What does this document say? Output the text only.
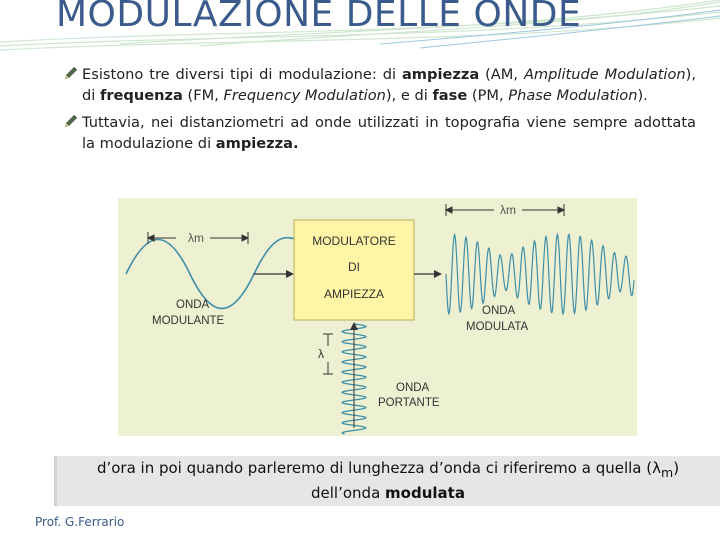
MODULAZIONE DELLE ONDE
Esistono tre diversi tipi di modulazione: di ampiezza (AM, Amplitude Modulation), di frequenza (FM, Frequency Modulation), e di fase (PM, Phase Modulation).
Tuttavia, nei distanziometri ad onde utilizzati in topografia viene sempre adottata la modulazione di ampiezza.
λm
ONDA
MODULANTE
MODULATORE
DI
AMPIEZZA
λm
ONDA
MODULATA
λ
ONDA
PORTANTE
d’ora in poi quando parleremo di lunghezza d’onda ci riferiremo a quella $(\lambda_m)$
dell’onda modulata
Prof. G.Ferrario
